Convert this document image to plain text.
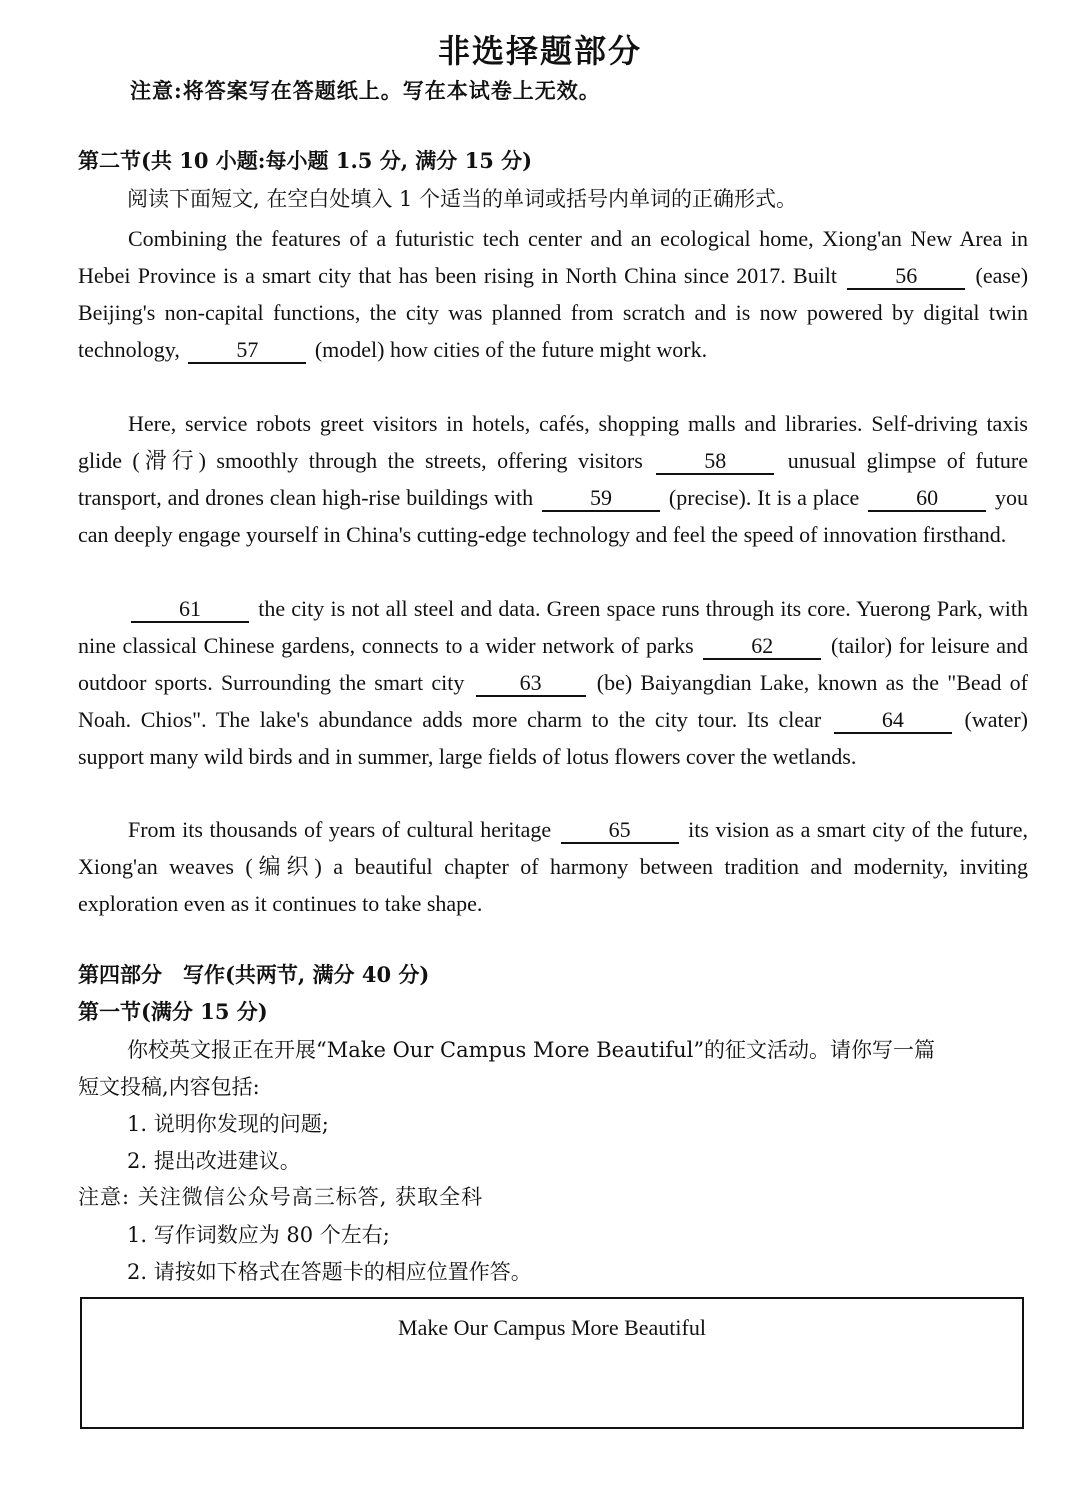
非选择题部分
注意:将答案写在答题纸上。写在本试卷上无效。
第二节(共 10 小题:每小题 1.5 分, 满分 15 分)
阅读下面短文, 在空白处填入 1 个适当的单词或括号内单词的正确形式。
Combining the features of a futuristic tech center and an ecological home, Xiong'an New Area in Hebei Province is a smart city that has been rising in North China since 2017. Built	56	(ease) Beijing's non-capital functions, the city was planned from scratch and is now powered by digital twin technology,	57	(model) how cities of the future might work.
Here, service robots greet visitors in hotels, cafés, shopping malls and libraries. Self-driving taxis glide (滑行) smoothly through the streets, offering visitors	58	unusual glimpse of future transport, and drones clean high-rise buildings with	59	(precise). It is a place	60	you can deeply engage yourself in China's cutting-edge technology and feel the speed of innovation firsthand.
61	the city is not all steel and data. Green space runs through its core. Yuerong Park, with nine classical Chinese gardens, connects to a wider network of parks	62	(tailor) for leisure and outdoor sports. Surrounding the smart city	63	(be) Baiyangdian Lake, known as the "Bead of Noah. Chios". The lake's abundance adds more charm to the city tour. Its clear	64	(water) support many wild birds and in summer, large fields of lotus flowers cover the wetlands.
From its thousands of years of cultural heritage	65	its vision as a smart city of the future, Xiong'an weaves (编织) a beautiful chapter of harmony between tradition and modernity, inviting exploration even as it continues to take shape.
第四部分　写作(共两节, 满分 40 分)
第一节(满分 15 分)
你校英文报正在开展“Make Our Campus More Beautiful”的征文活动。请你写一篇
短文投稿,内容包括:
1. 说明你发现的问题;
2. 提出改进建议。
注意: 关注微信公众号高三标答, 获取全科
1. 写作词数应为 80 个左右;
2. 请按如下格式在答题卡的相应位置作答。
Make Our Campus More Beautiful
